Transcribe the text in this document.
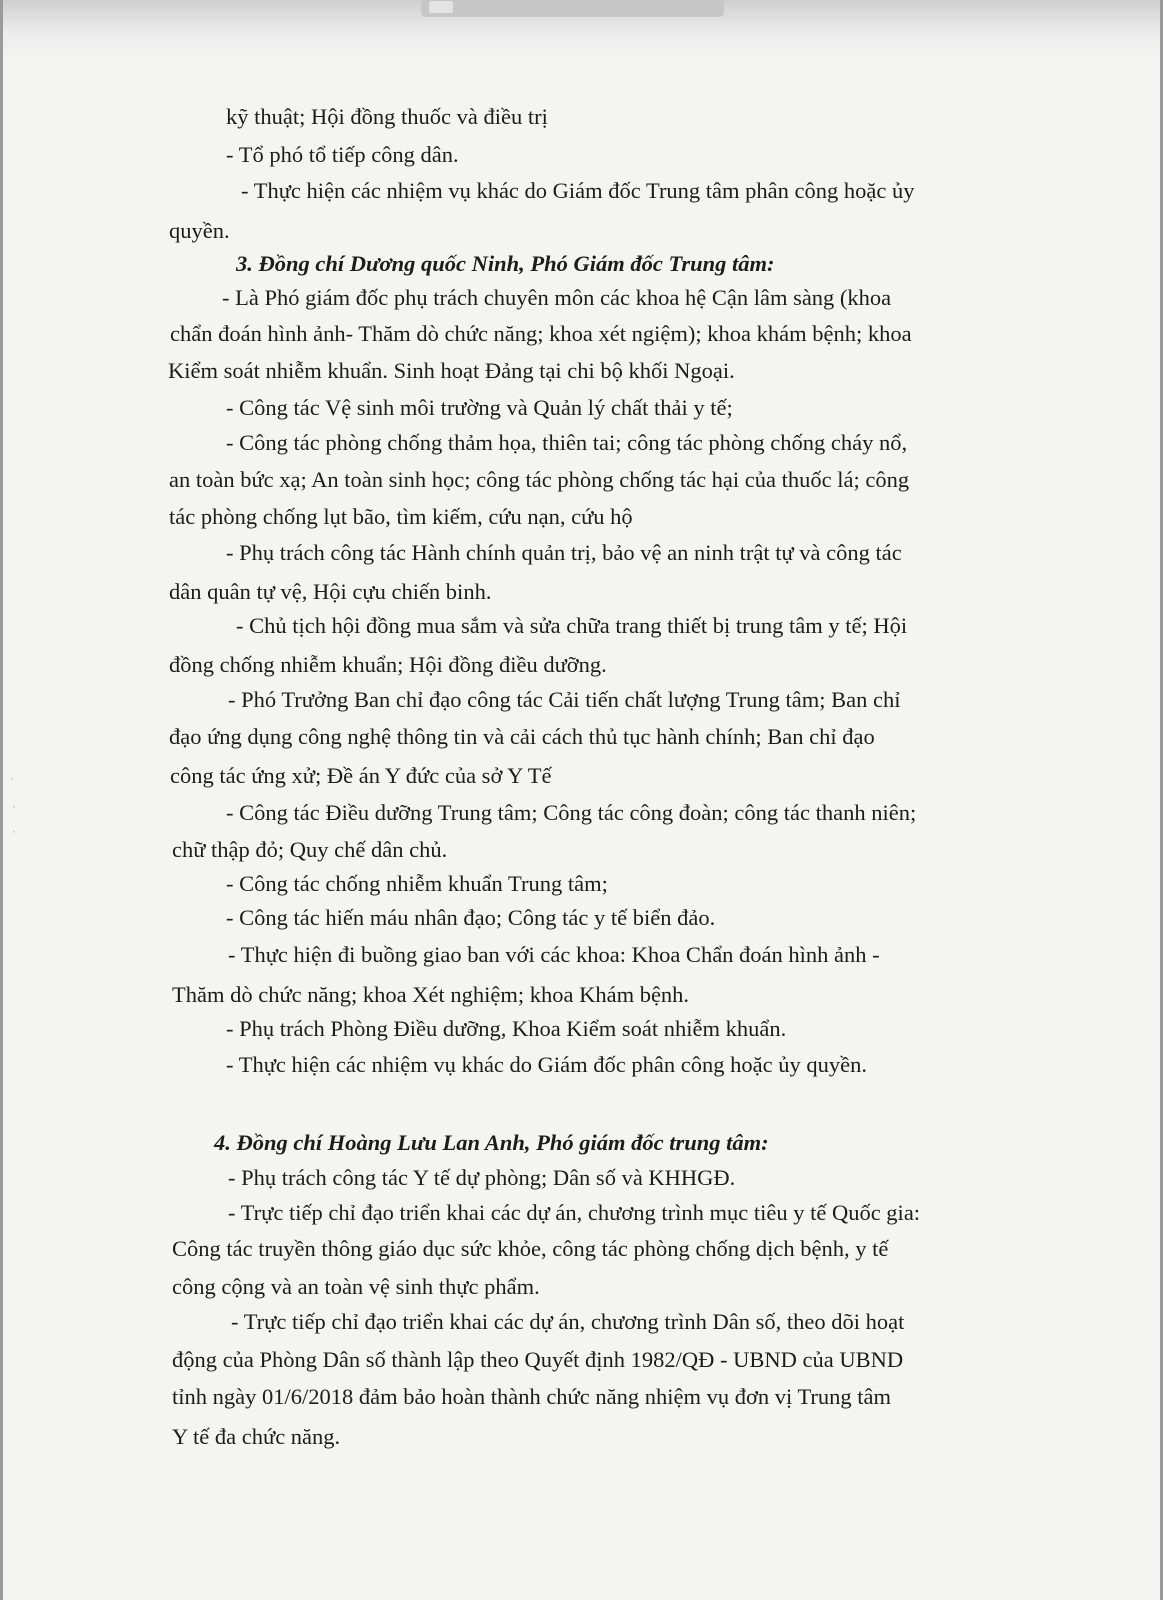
·
·
·

kỹ thuật; Hội đồng thuốc và điều trị

- Tổ phó tổ tiếp công dân.

- Thực hiện các nhiệm vụ khác do Giám đốc Trung tâm phân công hoặc ủy

quyền.

3. Đồng chí Dương quốc Ninh, Phó Giám đốc Trung tâm:

- Là Phó giám đốc phụ trách chuyên môn các khoa hệ Cận lâm sàng (khoa

chẩn đoán hình ảnh- Thăm dò chức năng; khoa xét ngiệm); khoa khám bệnh; khoa

Kiểm soát nhiễm khuẩn. Sinh hoạt Đảng tại chi bộ khối Ngoại.

- Công tác Vệ sinh môi trường và Quản lý chất thải y tế;

- Công tác phòng chống thảm họa, thiên tai; công tác phòng chống cháy nổ,

an toàn bức xạ; An toàn sinh học; công tác phòng chống tác hại của thuốc lá; công

tác phòng chống lụt bão, tìm kiếm, cứu nạn, cứu hộ

- Phụ trách công tác Hành chính quản trị, bảo vệ an ninh trật tự và công tác

dân quân tự vệ, Hội cựu chiến binh.

- Chủ tịch hội đồng mua sắm và sửa chữa trang thiết bị trung tâm y tế; Hội

đồng chống nhiễm khuẩn; Hội đồng điều dưỡng.

- Phó Trưởng Ban chỉ đạo công tác Cải tiến chất lượng Trung tâm; Ban chỉ

đạo ứng dụng công nghệ thông tin và cải cách thủ tục hành chính; Ban chỉ đạo

công tác ứng xử; Đề án Y đức của sở Y Tế

- Công tác Điều dưỡng Trung tâm; Công tác công đoàn; công tác thanh niên;

chữ thập đỏ; Quy chế dân chủ.

- Công tác chống nhiễm khuẩn Trung tâm;

- Công tác hiến máu nhân đạo; Công tác y tế biển đảo.

- Thực hiện đi buồng giao ban với các khoa: Khoa Chẩn đoán hình ảnh -

Thăm dò chức năng; khoa Xét nghiệm; khoa Khám bệnh.

- Phụ trách Phòng Điều dưỡng, Khoa Kiểm soát nhiễm khuẩn.

- Thực hiện các nhiệm vụ khác do Giám đốc phân công hoặc ủy quyền.

4. Đồng chí Hoàng Lưu Lan Anh, Phó giám đốc trung tâm:

- Phụ trách công tác Y tế dự phòng; Dân số và KHHGĐ.

- Trực tiếp chỉ đạo triển khai các dự án, chương trình mục tiêu y tế Quốc gia:

Công tác truyền thông giáo dục sức khỏe, công tác phòng chống dịch bệnh, y tế

công cộng và an toàn vệ sinh thực phẩm.

- Trực tiếp chỉ đạo triển khai các dự án, chương trình Dân số, theo dõi hoạt

động của Phòng Dân số thành lập theo Quyết định 1982/QĐ - UBND của UBND

tỉnh ngày 01/6/2018 đảm bảo hoàn thành chức năng nhiệm vụ đơn vị Trung tâm

Y tế đa chức năng.
